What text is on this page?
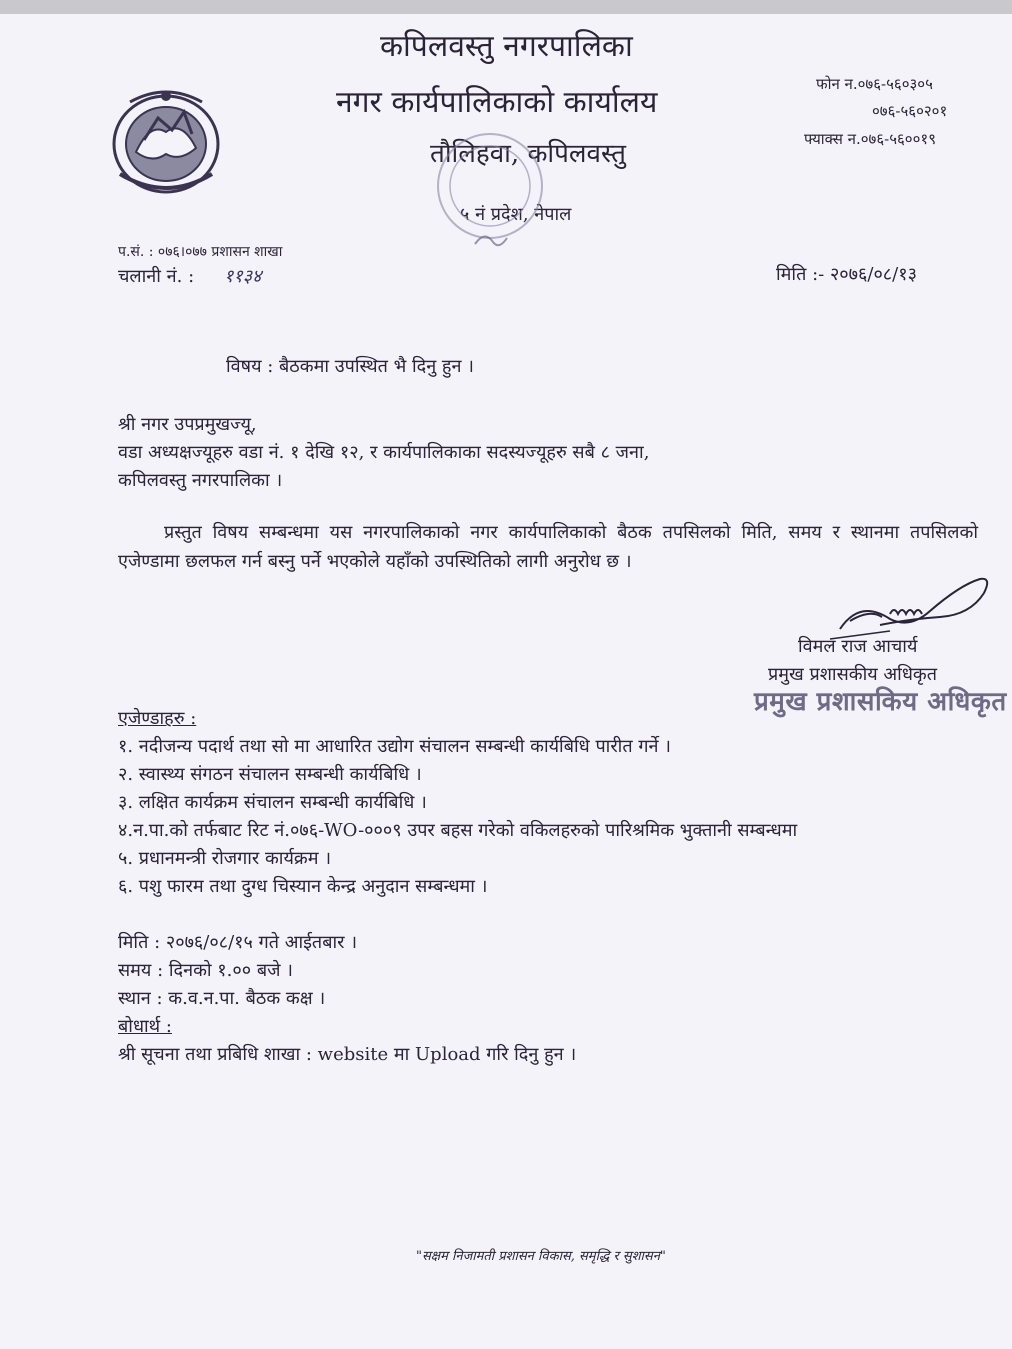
कपिलवस्तु नगरपालिका
नगर कार्यपालिकाको कार्यालय
तौलिहवा, कपिलवस्तु
५ नं प्रदेश, नेपाल
फोन न.०७६-५६०३०५
०७६-५६०२०१
फ्याक्स न.०७६-५६००१९
प.सं. : ०७६।०७७ प्रशासन शाखा
चलानी नं. : ११३४	मिति :- २०७६/०८/१३
विषय : बैठकमा उपस्थित भै दिनु हुन ।
श्री नगर उपप्रमुखज्यू,
वडा अध्यक्षज्यूहरु वडा नं. १ देखि १२, र कार्यपालिकाका सदस्यज्यूहरु सबै ८ जना,
कपिलवस्तु नगरपालिका ।
प्रस्तुत विषय सम्बन्धमा यस नगरपालिकाको नगर कार्यपालिकाको बैठक तपसिलको मिति, समय र स्थानमा तपसिलको एजेण्डामा छलफल गर्न बस्नु पर्ने भएकोले यहाँको उपस्थितिको लागी अनुरोध छ ।
विमल राज आचार्य
प्रमुख प्रशासकीय अधिकृत
प्रमुख प्रशासकिय अधिकृत
एजेण्डाहरु :
१. नदीजन्य पदार्थ तथा सो मा आधारित उद्योग संचालन सम्बन्धी कार्यबिधि पारीत गर्ने ।
२. स्वास्थ्य संगठन संचालन सम्बन्धी कार्यबिधि ।
३. लक्षित कार्यक्रम संचालन सम्बन्धी कार्यबिधि ।
४.न.पा.को तर्फबाट रिट नं.०७६-WO-०००९ उपर बहस गरेको वकिलहरुको पारिश्रमिक भुक्तानी सम्बन्धमा
५. प्रधानमन्त्री रोजगार कार्यक्रम ।
६. पशु फारम तथा दुग्ध चिस्यान केन्द्र अनुदान सम्बन्धमा ।
मिति : २०७६/०८/१५ गते आईतबार ।
समय : दिनको १.०० बजे ।
स्थान : क.व.न.पा. बैठक कक्ष ।
बोधार्थ :
श्री सूचना तथा प्रबिधि शाखा : website मा Upload गरि दिनु हुन ।
"सक्षम निजामती प्रशासन विकास, समृद्धि र सुशासन"
